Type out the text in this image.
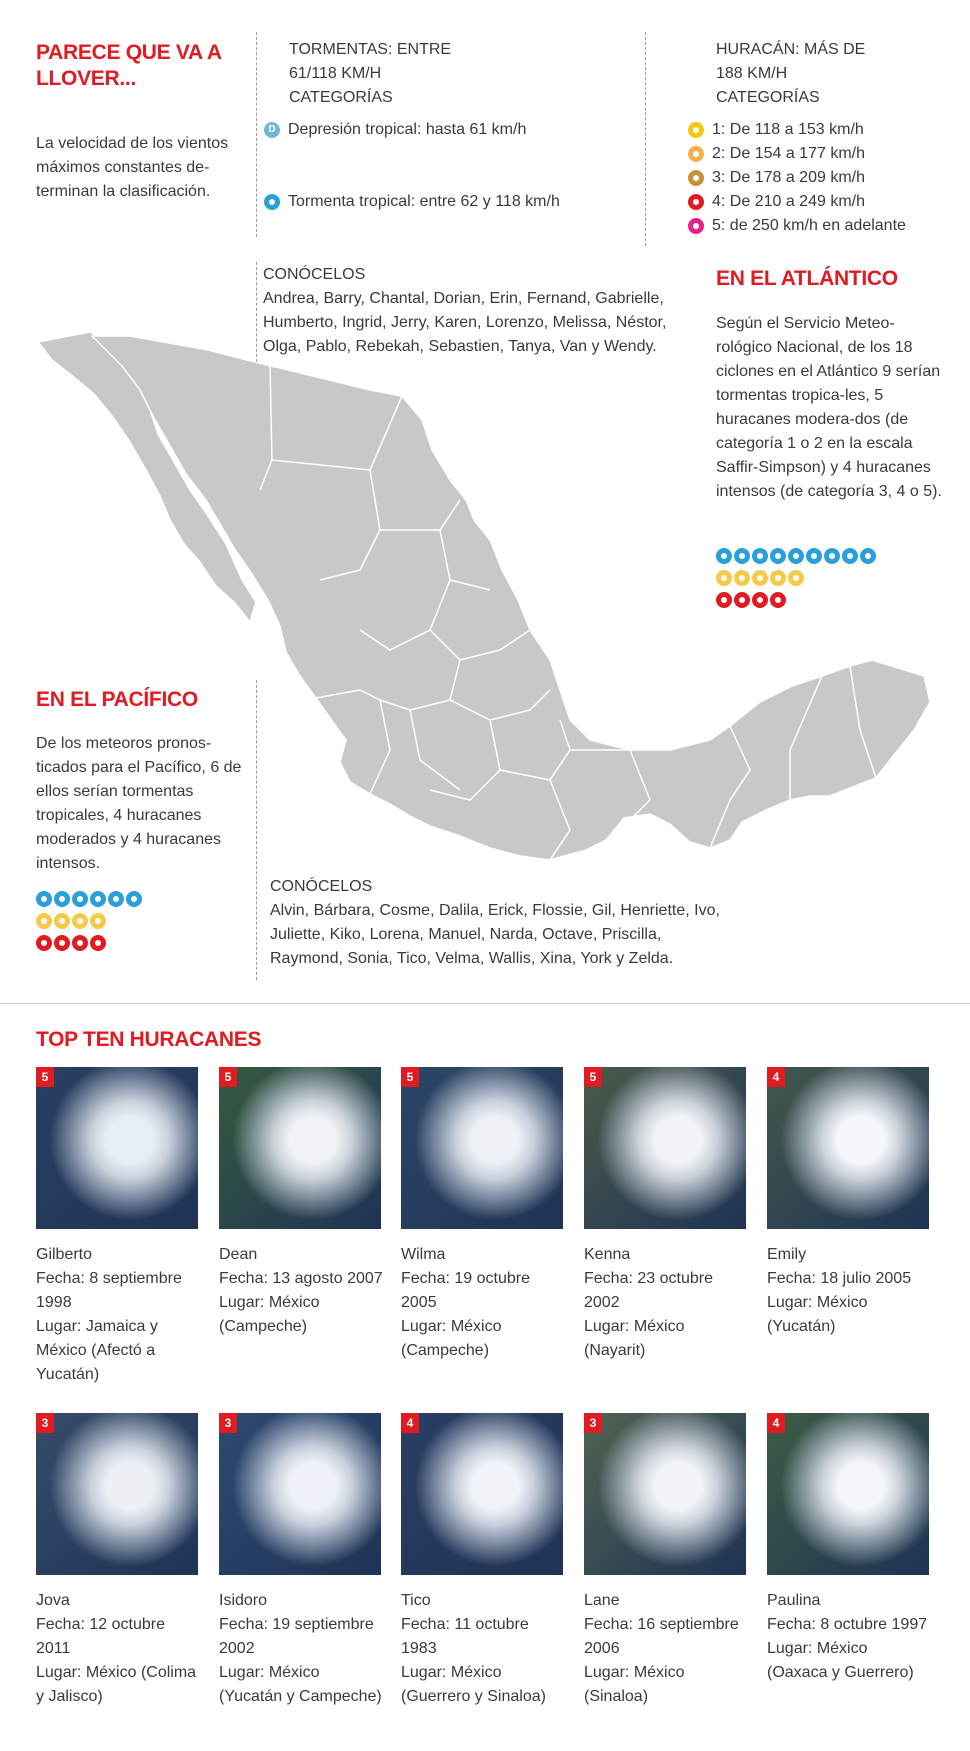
PARECE QUE VA A LLOVER...
La velocidad de los vientos máximos constantes de-terminan la clasificación.
TORMENTAS: ENTRE
61/118 KM/H
CATEGORÍAS
D Depresión tropical: hasta 61 km/h
Tormenta tropical: entre 62 y 118 km/h
HURACÁN: MÁS DE
188 KM/H
CATEGORÍAS
1: De 118 a 153 km/h
2: De 154 a 177 km/h
3: De 178 a 209 km/h
4: De 210 a 249 km/h
5: de 250 km/h en adelante
CONÓCELOS
Andrea, Barry, Chantal, Dorian, Erin, Fernand, Gabrielle, Humberto, Ingrid, Jerry, Karen, Lorenzo, Melissa, Néstor, Olga, Pablo, Rebekah, Sebastien, Tanya, Van y Wendy.
EN EL ATLÁNTICO
Según el Servicio Meteo-rológico Nacional, de los 18 ciclones en el Atlántico 9 serían tormentas tropica-les, 5 huracanes modera-dos (de categoría 1 o 2 en la escala Saffir-Simpson) y 4 huracanes intensos (de categoría 3, 4 o 5).
EN EL PACÍFICO
De los meteoros pronos-ticados para el Pacífico, 6 de ellos serían tormentas tropicales, 4 huracanes moderados y 4 huracanes intensos.
CONÓCELOS
Alvin, Bárbara, Cosme, Dalila, Erick, Flossie, Gil, Henriette, Ivo, Juliette, Kiko, Lorena, Manuel, Narda, Octave, Priscilla, Raymond, Sonia, Tico, Velma, Wallis, Xina, York y Zelda.
TOP TEN HURACANES
5
Gilberto
Fecha: 8 septiembre 1998
Lugar: Jamaica y México (Afectó a Yucatán)
5
Dean
Fecha: 13 agosto 2007
Lugar: México (Campeche)
5
Wilma
Fecha: 19 octubre 2005
Lugar: México (Campeche)
5
Kenna
Fecha: 23 octubre 2002
Lugar: México (Nayarit)
4
Emily
Fecha: 18 julio 2005
Lugar: México (Yucatán)
3
Jova
Fecha: 12 octubre 2011
Lugar: México (Colima y Jalisco)
3
Isidoro
Fecha: 19 septiembre 2002
Lugar: México (Yucatán y Campeche)
4
Tico
Fecha: 11 octubre 1983
Lugar: México (Guerrero y Sinaloa)
3
Lane
Fecha: 16 septiembre 2006
Lugar: México (Sinaloa)
4
Paulina
Fecha: 8 octubre 1997
Lugar: México (Oaxaca y Guerrero)
